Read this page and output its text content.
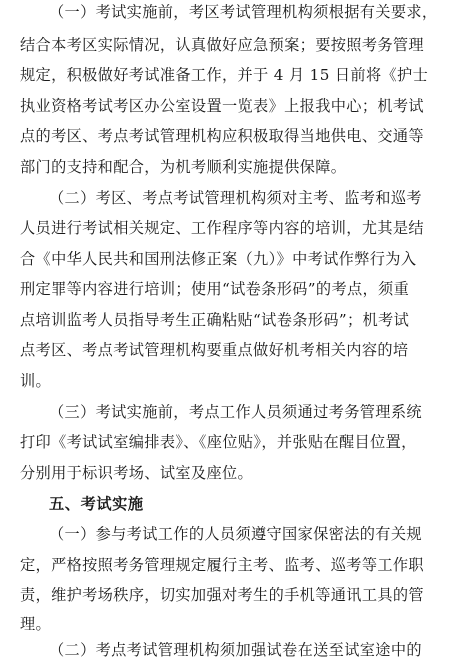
（一）考试实施前，考区考试管理机构须根据有关要求，
结合本考区实际情况，认真做好应急预案；要按照考务管理
规定，积极做好考试准备工作，并于 4 月 15 日前将《护士
执业资格考试考区办公室设置一览表》上报我中心；机考试
点的考区、考点考试管理机构应积极取得当地供电、交通等
部门的支持和配合，为机考顺利实施提供保障。
（二）考区、考点考试管理机构须对主考、监考和巡考
人员进行考试相关规定、工作程序等内容的培训，尤其是结
合《中华人民共和国刑法修正案（九）》中考试作弊行为入
刑定罪等内容进行培训；使用“试卷条形码”的考点，须重
点培训监考人员指导考生正确粘贴“试卷条形码”；机考试
点考区、考点考试管理机构要重点做好机考相关内容的培
训。
（三）考试实施前，考点工作人员须通过考务管理系统
打印《考试试室编排表》、《座位贴》，并张贴在醒目位置，
分别用于标识考场、试室及座位。
五、考试实施
（一）参与考试工作的人员须遵守国家保密法的有关规
定，严格按照考务管理规定履行主考、监考、巡考等工作职
责，维护考场秩序，切实加强对考生的手机等通讯工具的管
理。
（二）考点考试管理机构须加强试卷在送至试室途中的
